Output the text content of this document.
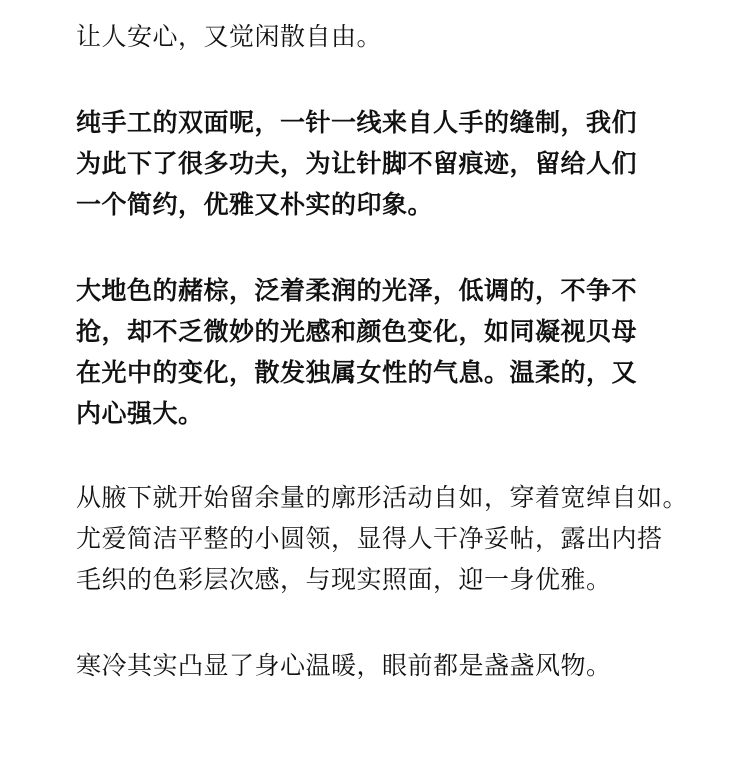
让人安心，又觉闲散自由。

纯手工的双面呢，一针一线来自人手的缝制，我们
为此下了很多功夫，为让针脚不留痕迹，留给人们
一个简约，优雅又朴实的印象。

大地色的赭棕，泛着柔润的光泽，低调的，不争不
抢，却不乏微妙的光感和颜色变化，如同凝视贝母
在光中的变化，散发独属女性的气息。温柔的，又
内心强大。

从腋下就开始留余量的廓形活动自如，穿着宽绰自如。
尤爱简洁平整的小圆领，显得人干净妥帖，露出内搭
毛织的色彩层次感，与现实照面，迎一身优雅。

寒冷其实凸显了身心温暖，眼前都是盏盏风物。
